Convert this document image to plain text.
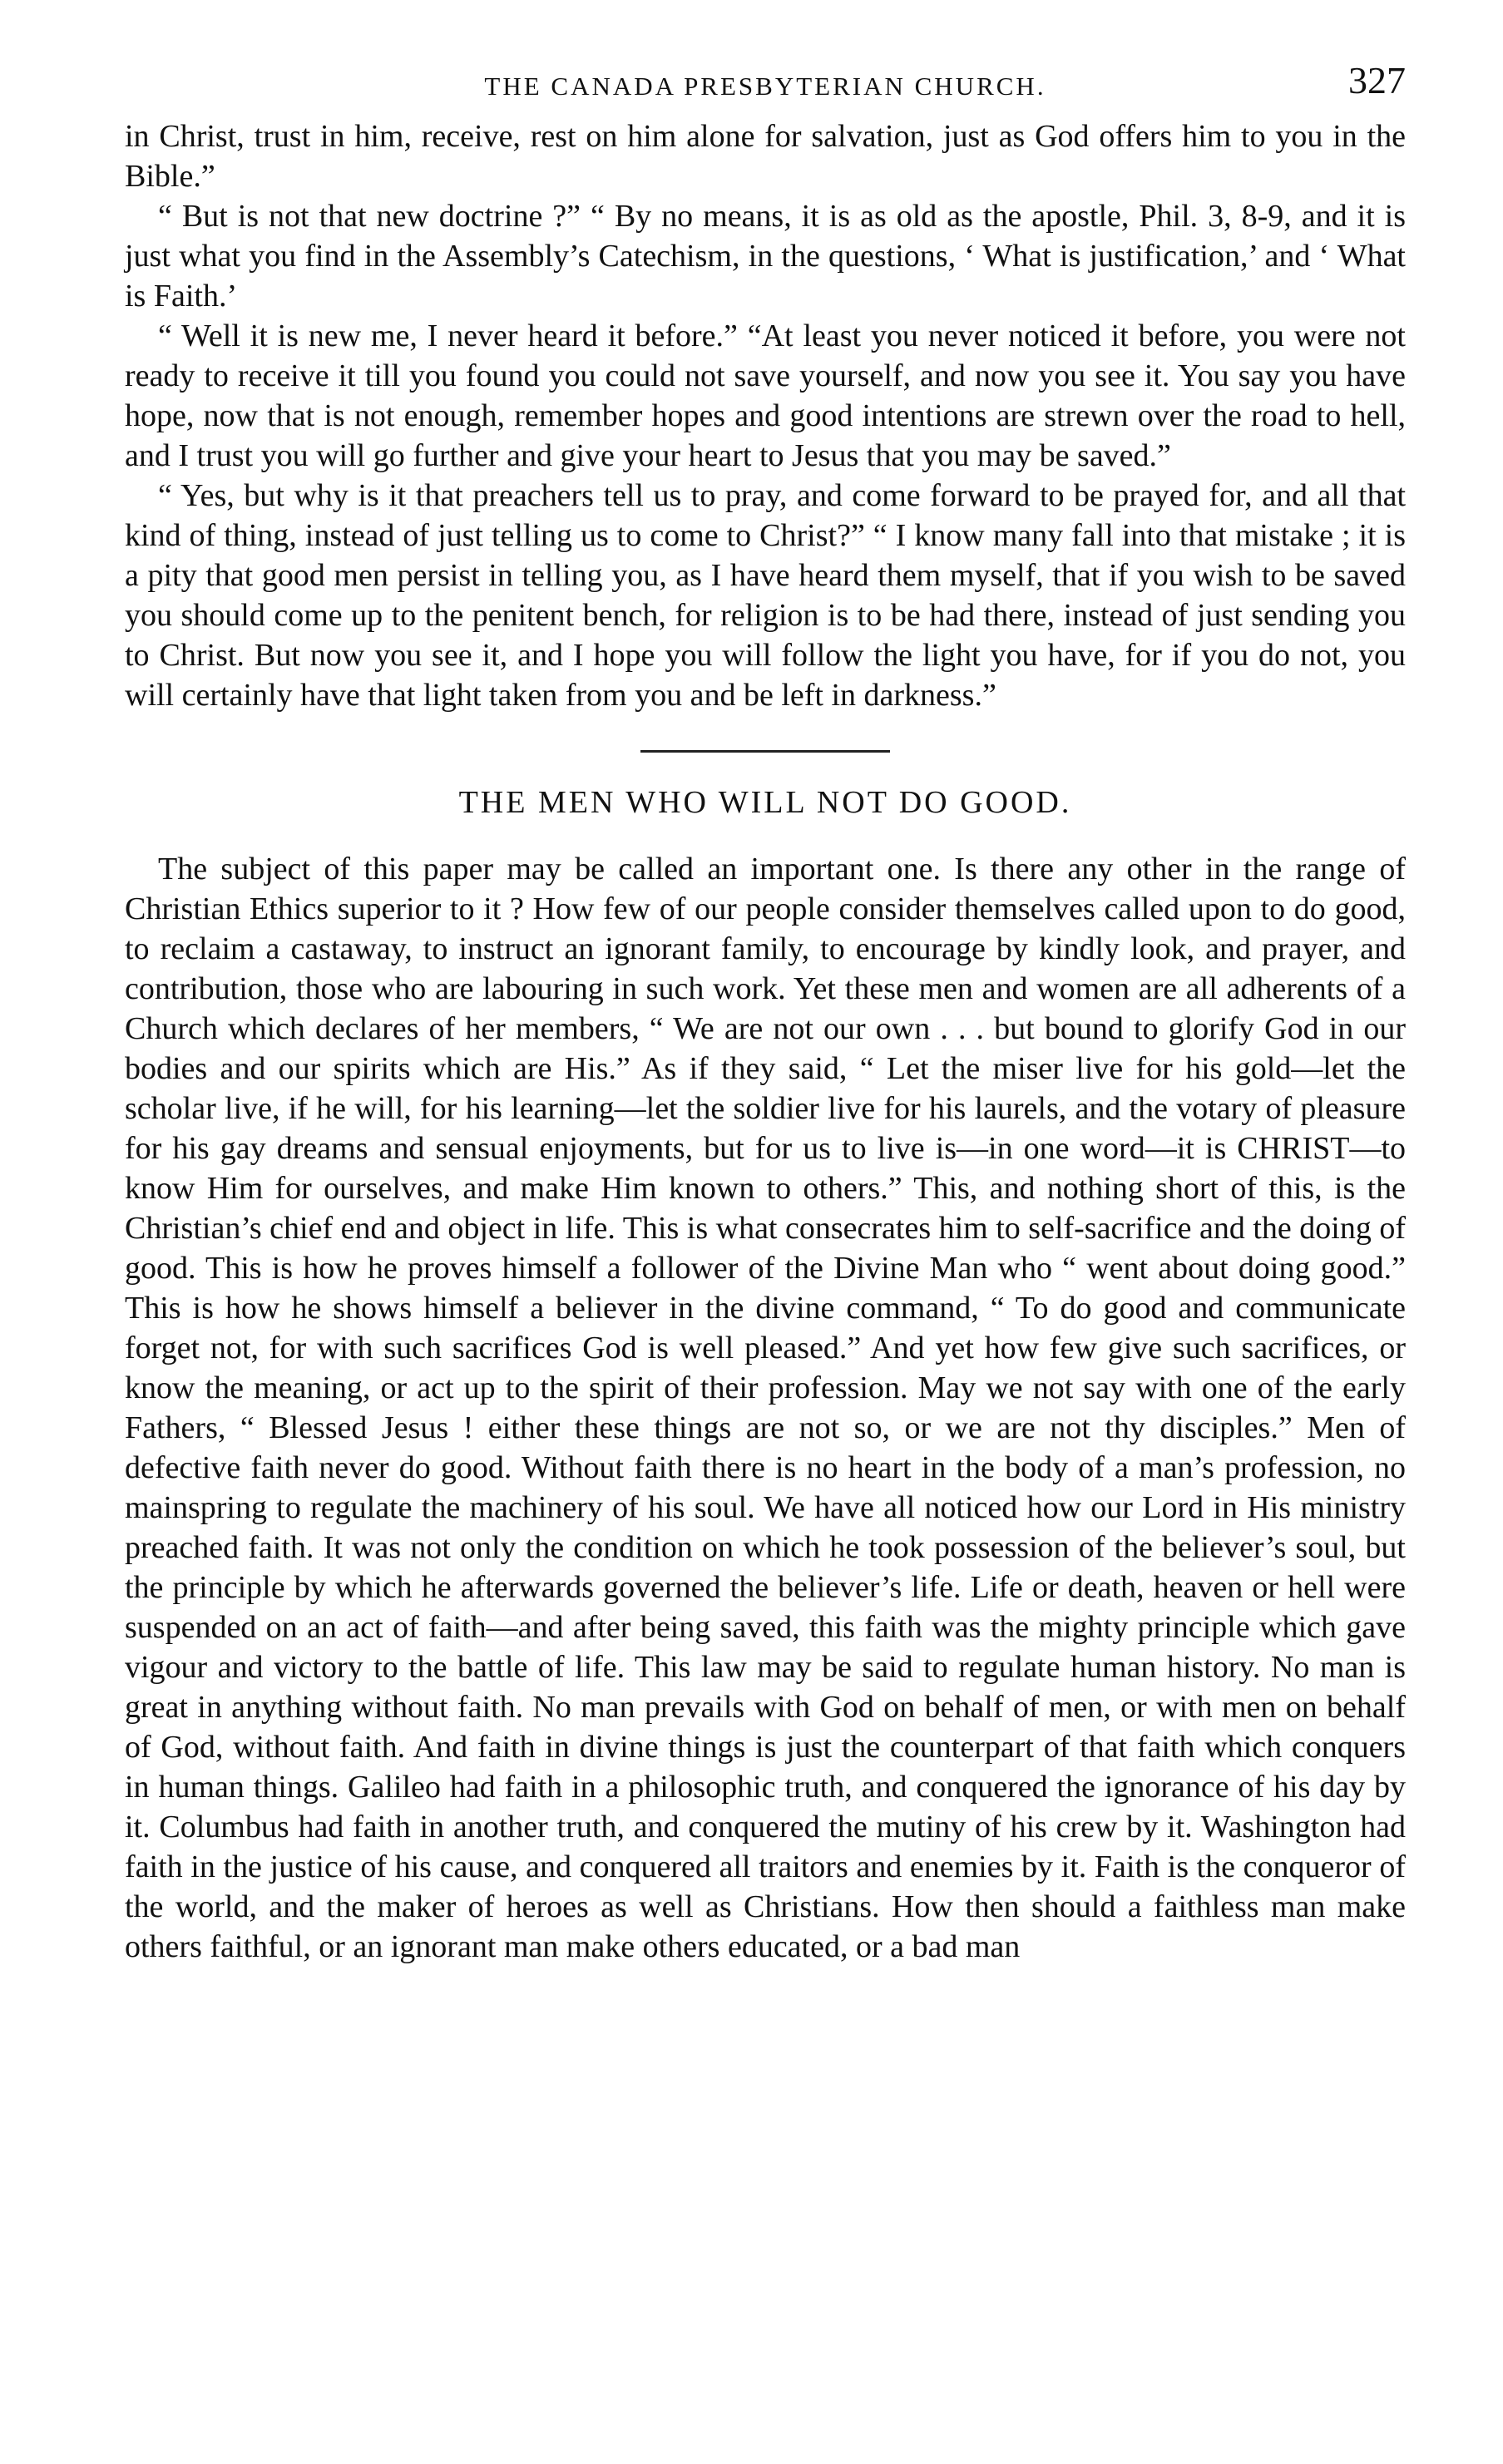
THE CANADA PRESBYTERIAN CHURCH.	327

in Christ, trust in him, receive, rest on him alone for salvation, just as God offers him to you in the Bible.”

“ But is not that new doctrine ?” “ By no means, it is as old as the apostle, Phil. 3, 8-9, and it is just what you find in the Assembly’s Catechism, in the questions, ‘ What is justification,’ and ‘ What is Faith.’

“ Well it is new me, I never heard it before.” “At least you never noticed it before, you were not ready to receive it till you found you could not save yourself, and now you see it. You say you have hope, now that is not enough, remember hopes and good intentions are strewn over the road to hell, and I trust you will go further and give your heart to Jesus that you may be saved.”

“ Yes, but why is it that preachers tell us to pray, and come forward to be prayed for, and all that kind of thing, instead of just telling us to come to Christ?” “ I know many fall into that mistake ; it is a pity that good men persist in telling you, as I have heard them myself, that if you wish to be saved you should come up to the penitent bench, for religion is to be had there, instead of just sending you to Christ. But now you see it, and I hope you will follow the light you have, for if you do not, you will certainly have that light taken from you and be left in darkness.”

THE MEN WHO WILL NOT DO GOOD.

The subject of this paper may be called an important one. Is there any other in the range of Christian Ethics superior to it ? How few of our people consider themselves called upon to do good, to reclaim a castaway, to instruct an ignorant family, to encourage by kindly look, and prayer, and contribution, those who are labouring in such work. Yet these men and women are all adherents of a Church which declares of her members, “ We are not our own . . . but bound to glorify God in our bodies and our spirits which are His.” As if they said, “ Let the miser live for his gold—let the scholar live, if he will, for his learning—let the soldier live for his laurels, and the votary of pleasure for his gay dreams and sensual enjoyments, but for us to live is—in one word—it is CHRIST—to know Him for ourselves, and make Him known to others.” This, and nothing short of this, is the Christian’s chief end and object in life. This is what consecrates him to self-sacrifice and the doing of good. This is how he proves himself a follower of the Divine Man who “ went about doing good.” This is how he shows himself a believer in the divine command, “ To do good and communicate forget not, for with such sacrifices God is well pleased.” And yet how few give such sacrifices, or know the meaning, or act up to the spirit of their profession. May we not say with one of the early Fathers, “ Blessed Jesus ! either these things are not so, or we are not thy disciples.” Men of defective faith never do good. Without faith there is no heart in the body of a man’s profession, no mainspring to regulate the machinery of his soul. We have all noticed how our Lord in His ministry preached faith. It was not only the condition on which he took possession of the believer’s soul, but the principle by which he afterwards governed the believer’s life. Life or death, heaven or hell were suspended on an act of faith—and after being saved, this faith was the mighty principle which gave vigour and victory to the battle of life. This law may be said to regulate human history. No man is great in anything without faith. No man prevails with God on behalf of men, or with men on behalf of God, without faith. And faith in divine things is just the counterpart of that faith which conquers in human things. Galileo had faith in a philosophic truth, and conquered the ignorance of his day by it. Columbus had faith in another truth, and conquered the mutiny of his crew by it. Washington had faith in the justice of his cause, and conquered all traitors and enemies by it. Faith is the conqueror of the world, and the maker of heroes as well as Christians. How then should a faithless man make others faithful, or an ignorant man make others educated, or a bad man
